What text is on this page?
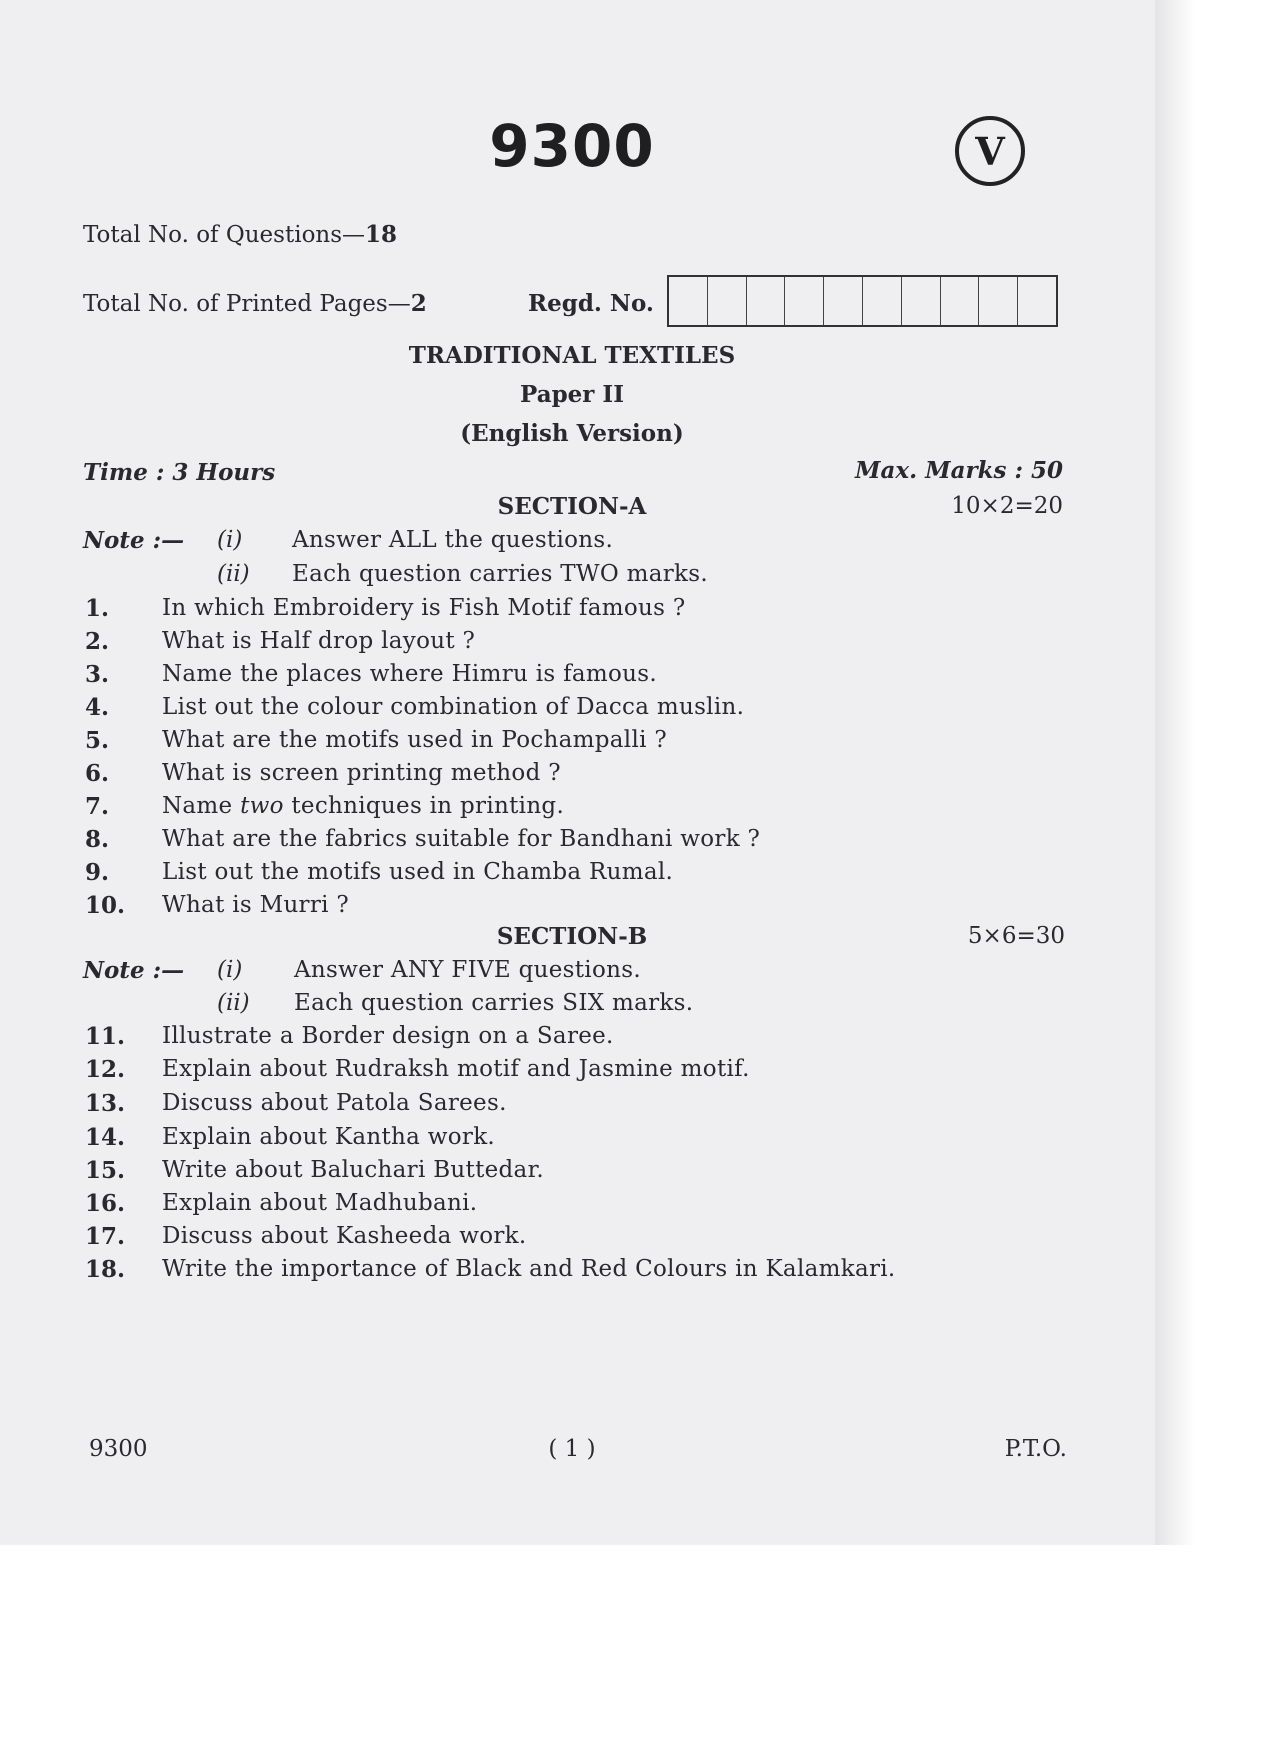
9300	V
Total No. of Questions—18
Total No. of Printed Pages—2	Regd. No.
TRADITIONAL TEXTILES
Paper II
(English Version)
Time : 3 Hours	Max. Marks : 50
SECTION-A	10×2=20
Note :— (i) Answer ALL the questions.
(ii) Each question carries TWO marks.
1. In which Embroidery is Fish Motif famous ?
2. What is Half drop layout ?
3. Name the places where Himru is famous.
4. List out the colour combination of Dacca muslin.
5. What are the motifs used in Pochampalli ?
6. What is screen printing method ?
7. Name two techniques in printing.
8. What are the fabrics suitable for Bandhani work ?
9. List out the motifs used in Chamba Rumal.
10. What is Murri ?
SECTION-B	5×6=30
Note :— (i) Answer ANY FIVE questions.
(ii) Each question carries SIX marks.
11. Illustrate a Border design on a Saree.
12. Explain about Rudraksh motif and Jasmine motif.
13. Discuss about Patola Sarees.
14. Explain about Kantha work.
15. Write about Baluchari Buttedar.
16. Explain about Madhubani.
17. Discuss about Kasheeda work.
18. Write the importance of Black and Red Colours in Kalamkari.
9300	( 1 )	P.T.O.
